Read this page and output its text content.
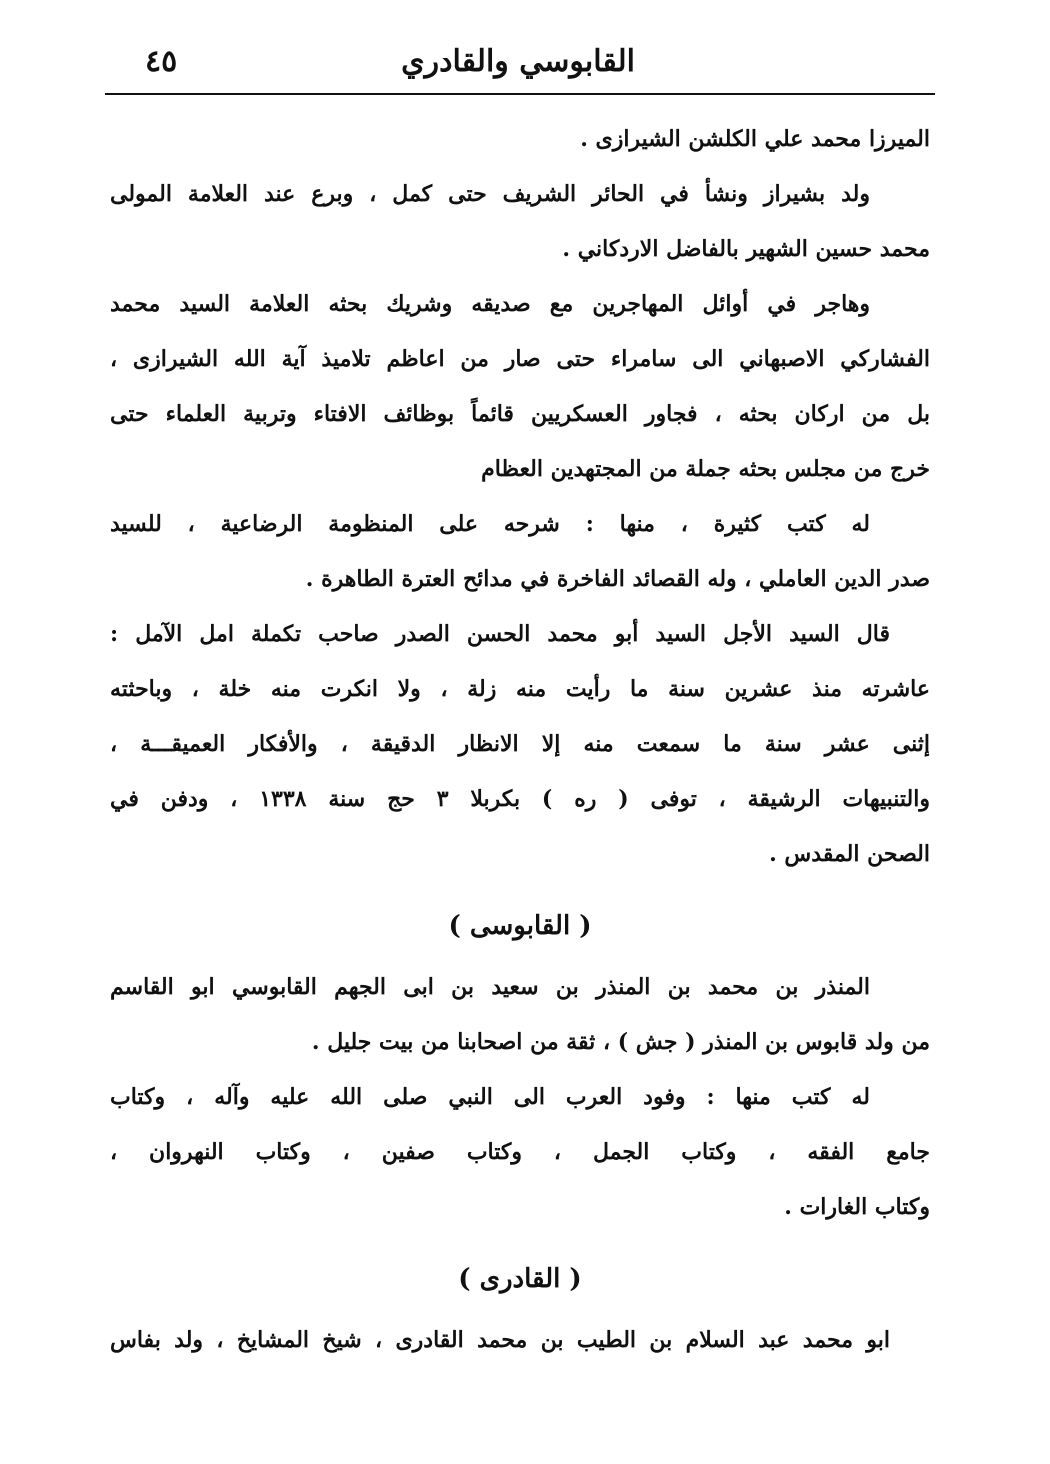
القابوسي والقادري
٤٥
الميرزا محمد علي الكلشن الشيرازى .
ولد بشيراز ونشأ في الحائر الشريف حتى كمل ، وبرع عند العلامة المولى
محمد حسين الشهير بالفاضل الاردكاني .
وهاجر في أوائل المهاجرين مع صديقه وشريك بحثه العلامة السيد محمد
الفشاركي الاصبهاني الى سامراء حتى صار من اعاظم تلاميذ آية الله الشيرازى ،
بل من اركان بحثه ، فجاور العسكريين قائماً بوظائف الافتاء وتربية العلماء حتى
خرج من مجلس بحثه جملة من المجتهدين العظام
له كتب كثيرة ، منها : شرحه على المنظومة الرضاعية ، للسيد
صدر الدين العاملي ، وله القصائد الفاخرة في مدائح العترة الطاهرة .
قال السيد الأجل السيد أبو محمد الحسن الصدر صاحب تكملة امل الآمل :
عاشرته منذ عشرين سنة ما رأيت منه زلة ، ولا انكرت منه خلة ، وباحثته
إثنى عشر سنة ما سمعت منه إلا الانظار الدقيقة ، والأفكار العميقـــة ،
والتنبيهات الرشيقة ، توفى ( ره ) بكربلا ٣ حج سنة ١٣٣٨ ، ودفن في
الصحن المقدس .
( القابوسى )
المنذر بن محمد بن المنذر بن سعيد بن ابى الجهم القابوسي ابو القاسم
من ولد قابوس بن المنذر ( جش ) ، ثقة من اصحابنا من بيت جليل .
له كتب منها : وفود العرب الى النبي صلى الله عليه وآله ، وكتاب
جامع الفقه ، وكتاب الجمل ، وكتاب صفين ، وكتاب النهروان ،
وكتاب الغارات .
( القادرى )
ابو محمد عبد السلام بن الطيب بن محمد القادرى ، شيخ المشايخ ، ولد بفاس
